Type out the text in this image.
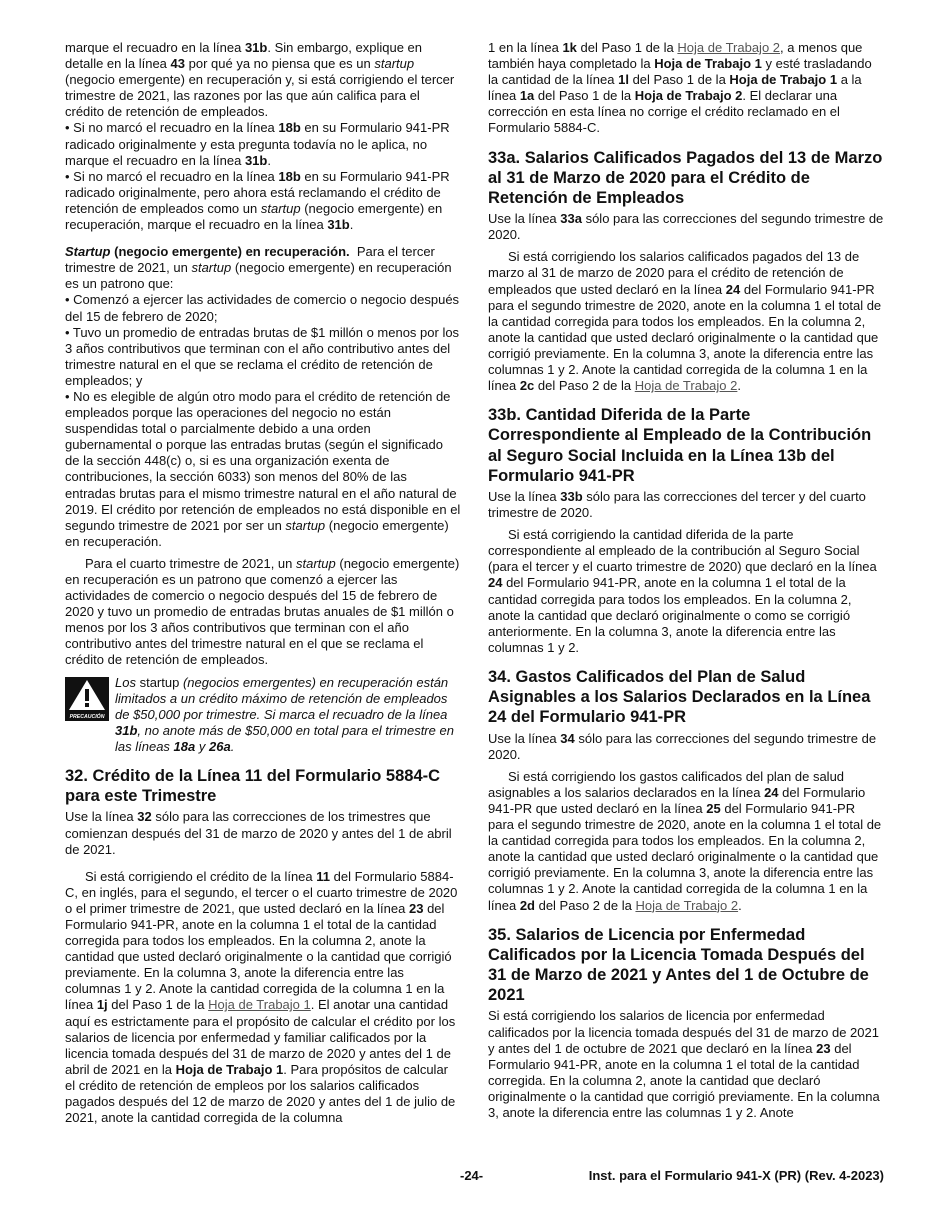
marque el recuadro en la línea 31b. Sin embargo, explique en detalle en la línea 43 por qué ya no piensa que es un startup (negocio emergente) en recuperación y, si está corrigiendo el tercer trimestre de 2021, las razones por las que aún califica para el crédito de retención de empleados.

• Si no marcó el recuadro en la línea 18b en su Formulario 941-PR radicado originalmente y esta pregunta todavía no le aplica, no marque el recuadro en la línea 31b.

• Si no marcó el recuadro en la línea 18b en su Formulario 941-PR radicado originalmente, pero ahora está reclamando el crédito de retención de empleados como un startup (negocio emergente) en recuperación, marque el recuadro en la línea 31b.

Startup (negocio emergente) en recuperación.  Para el tercer trimestre de 2021, un startup (negocio emergente) en recuperación es un patrono que:

• Comenzó a ejercer las actividades de comercio o negocio después del 15 de febrero de 2020;

• Tuvo un promedio de entradas brutas de $1 millón o menos por los 3 años contributivos que terminan con el año contributivo antes del trimestre natural en el que se reclama el crédito de retención de empleados; y

• No es elegible de algún otro modo para el crédito de retención de empleados porque las operaciones del negocio no están suspendidas total o parcialmente debido a una orden gubernamental o porque las entradas brutas (según el significado de la sección 448(c) o, si es una organización exenta de contribuciones, la sección 6033) son menos del 80% de las entradas brutas para el mismo trimestre natural en el año natural de 2019. El crédito por retención de empleados no está disponible en el segundo trimestre de 2021 por ser un startup (negocio emergente) en recuperación.

Para el cuarto trimestre de 2021, un startup (negocio emergente) en recuperación es un patrono que comenzó a ejercer las actividades de comercio o negocio después del 15 de febrero de 2020 y tuvo un promedio de entradas brutas anuales de $1 millón o menos por los 3 años contributivos que terminan con el año contributivo antes del trimestre natural en el que se reclama el crédito de retención de empleados.

PRECAUCIÓN

Los startup (negocios emergentes) en recuperación están limitados a un crédito máximo de retención de empleados de $50,000 por trimestre. Si marca el recuadro de la línea 31b, no anote más de $50,000 en total para el trimestre en las líneas 18a y 26a.

32. Crédito de la Línea 11 del Formulario 5884-C para este Trimestre

Use la línea 32 sólo para las correcciones de los trimestres que comienzan después del 31 de marzo de 2020 y antes del 1 de abril de 2021.

Si está corrigiendo el crédito de la línea 11 del Formulario 5884-C, en inglés, para el segundo, el tercer o el cuarto trimestre de 2020 o el primer trimestre de 2021, que usted declaró en la línea 23 del Formulario 941-PR, anote en la columna 1 el total de la cantidad corregida para todos los empleados. En la columna 2, anote la cantidad que usted declaró originalmente o la cantidad que corrigió previamente. En la columna 3, anote la diferencia entre las columnas 1 y 2. Anote la cantidad corregida de la columna 1 en la línea 1j del Paso 1 de la Hoja de Trabajo 1. El anotar una cantidad aquí es estrictamente para el propósito de calcular el crédito por los salarios de licencia por enfermedad y familiar calificados por la licencia tomada después del 31 de marzo de 2020 y antes del 1 de abril de 2021 en la Hoja de Trabajo 1. Para propósitos de calcular el crédito de retención de empleos por los salarios calificados pagados después del 12 de marzo de 2020 y antes del 1 de julio de 2021, anote la cantidad corregida de la columna

1 en la línea 1k del Paso 1 de la Hoja de Trabajo 2, a menos que también haya completado la Hoja de Trabajo 1 y esté trasladando la cantidad de la línea 1l del Paso 1 de la Hoja de Trabajo 1 a la línea 1a del Paso 1 de la Hoja de Trabajo 2. El declarar una corrección en esta línea no corrige el crédito reclamado en el Formulario 5884-C.

33a. Salarios Calificados Pagados del 13 de Marzo al 31 de Marzo de 2020 para el Crédito de Retención de Empleados

Use la línea 33a sólo para las correcciones del segundo trimestre de 2020.

Si está corrigiendo los salarios calificados pagados del 13 de marzo al 31 de marzo de 2020 para el crédito de retención de empleados que usted declaró en la línea 24 del Formulario 941-PR para el segundo trimestre de 2020, anote en la columna 1 el total de la cantidad corregida para todos los empleados. En la columna 2, anote la cantidad que usted declaró originalmente o la cantidad que corrigió previamente. En la columna 3, anote la diferencia entre las columnas 1 y 2. Anote la cantidad corregida de la columna 1 en la línea 2c del Paso 2 de la Hoja de Trabajo 2.

33b. Cantidad Diferida de la Parte Correspondiente al Empleado de la Contribución al Seguro Social Incluida en la Línea 13b del Formulario 941-PR

Use la línea 33b sólo para las correcciones del tercer y del cuarto trimestre de 2020.

Si está corrigiendo la cantidad diferida de la parte correspondiente al empleado de la contribución al Seguro Social (para el tercer y el cuarto trimestre de 2020) que declaró en la línea 24 del Formulario 941-PR, anote en la columna 1 el total de la cantidad corregida para todos los empleados. En la columna 2, anote la cantidad que declaró originalmente o como se corrigió anteriormente. En la columna 3, anote la diferencia entre las columnas 1 y 2.

34. Gastos Calificados del Plan de Salud Asignables a los Salarios Declarados en la Línea 24 del Formulario 941-PR

Use la línea 34 sólo para las correcciones del segundo trimestre de 2020.

Si está corrigiendo los gastos calificados del plan de salud asignables a los salarios declarados en la línea 24 del Formulario 941-PR que usted declaró en la línea 25 del Formulario 941-PR para el segundo trimestre de 2020, anote en la columna 1 el total de la cantidad corregida para todos los empleados. En la columna 2, anote la cantidad que usted declaró originalmente o la cantidad que corrigió previamente. En la columna 3, anote la diferencia entre las columnas 1 y 2. Anote la cantidad corregida de la columna 1 en la línea 2d del Paso 2 de la Hoja de Trabajo 2.

35. Salarios de Licencia por Enfermedad Calificados por la Licencia Tomada Después del 31 de Marzo de 2021 y Antes del 1 de Octubre de 2021

Si está corrigiendo los salarios de licencia por enfermedad calificados por la licencia tomada después del 31 de marzo de 2021 y antes del 1 de octubre de 2021 que declaró en la línea 23 del Formulario 941-PR, anote en la columna 1 el total de la cantidad corregida. En la columna 2, anote la cantidad que declaró originalmente o la cantidad que corrigió previamente. En la columna 3, anote la diferencia entre las columnas 1 y 2. Anote

-24-	Inst. para el Formulario 941-X (PR) (Rev. 4-2023)
